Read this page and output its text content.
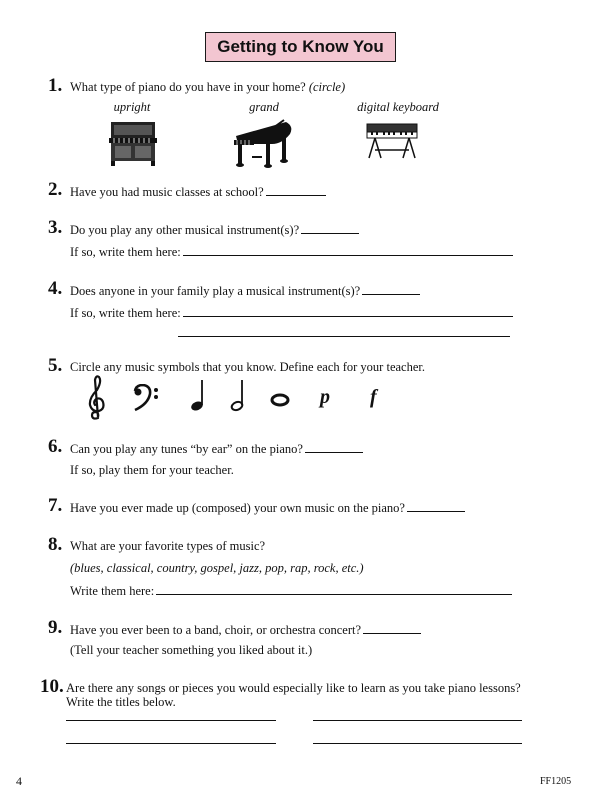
Getting to Know You
1. What type of piano do you have in your home? (circle)
upright	grand	digital keyboard
2. Have you had music classes at school?
3. Do you play any other musical instrument(s)?
If so, write them here:
4. Does anyone in your family play a musical instrument(s)?
If so, write them here:
5. Circle any music symbols that you know. Define each for your teacher.
p f
6. Can you play any tunes “by ear” on the piano?
If so, play them for your teacher.
7. Have you ever made up (composed) your own music on the piano?
8. What are your favorite types of music?
(blues, classical, country, gospel, jazz, pop, rap, rock, etc.)
Write them here:
9. Have you ever been to a band, choir, or orchestra concert?
(Tell your teacher something you liked about it.)
10. Are there any songs or pieces you would especially like to learn as you take piano lessons?
Write the titles below.
4	FF1205
